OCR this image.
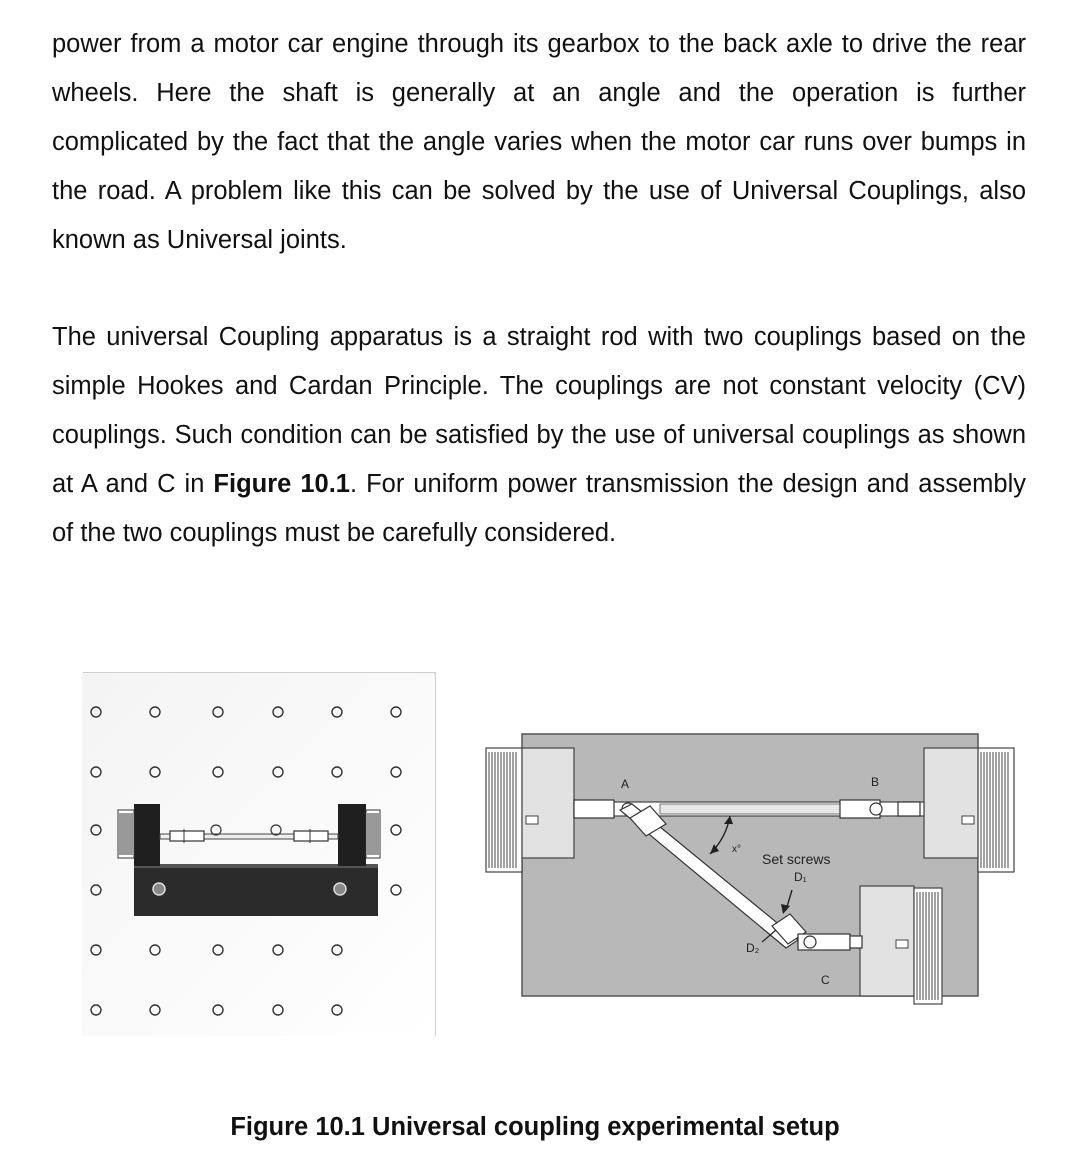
power from a motor car engine through its gearbox to the back axle to drive the rear wheels. Here the shaft is generally at an angle and the operation is further complicated by the fact that the angle varies when the motor car runs over bumps in the road. A problem like this can be solved by the use of Universal Couplings, also known as Universal joints.

The universal Coupling apparatus is a straight rod with two couplings based on the simple Hookes and Cardan Principle. The couplings are not constant velocity (CV) couplings. Such condition can be satisfied by the use of universal couplings as shown at A and C in Figure 10.1. For uniform power transmission the design and assembly of the two couplings must be carefully considered.

A	B
C
x°
Set screws
D₁
D₂

Figure 10.1 Universal coupling experimental setup
